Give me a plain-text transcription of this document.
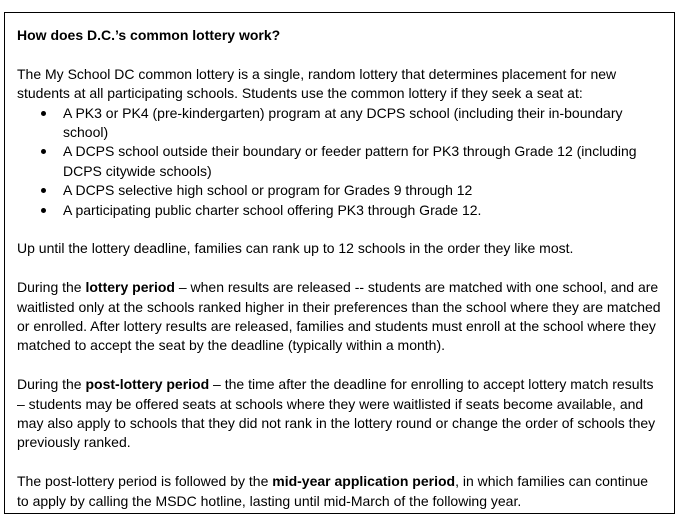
How does D.C.’s common lottery work?

The My School DC common lottery is a single, random lottery that determines placement for new students at all participating schools. Students use the common lottery if they seek a seat at:

A PK3 or PK4 (pre-kindergarten) program at any DCPS school (including their in-boundary school)
A DCPS school outside their boundary or feeder pattern for PK3 through Grade 12 (including DCPS citywide schools)
A DCPS selective high school or program for Grades 9 through 12
A participating public charter school offering PK3 through Grade 12.

Up until the lottery deadline, families can rank up to 12 schools in the order they like most.

During the lottery period – when results are released -- students are matched with one school, and are waitlisted only at the schools ranked higher in their preferences than the school where they are matched or enrolled. After lottery results are released, families and students must enroll at the school where they matched to accept the seat by the deadline (typically within a month).

During the post-lottery period – the time after the deadline for enrolling to accept lottery match results – students may be offered seats at schools where they were waitlisted if seats become available, and may also apply to schools that they did not rank in the lottery round or change the order of schools they previously ranked.

The post-lottery period is followed by the mid-year application period, in which families can continue to apply by calling the MSDC hotline, lasting until mid-March of the following year.
